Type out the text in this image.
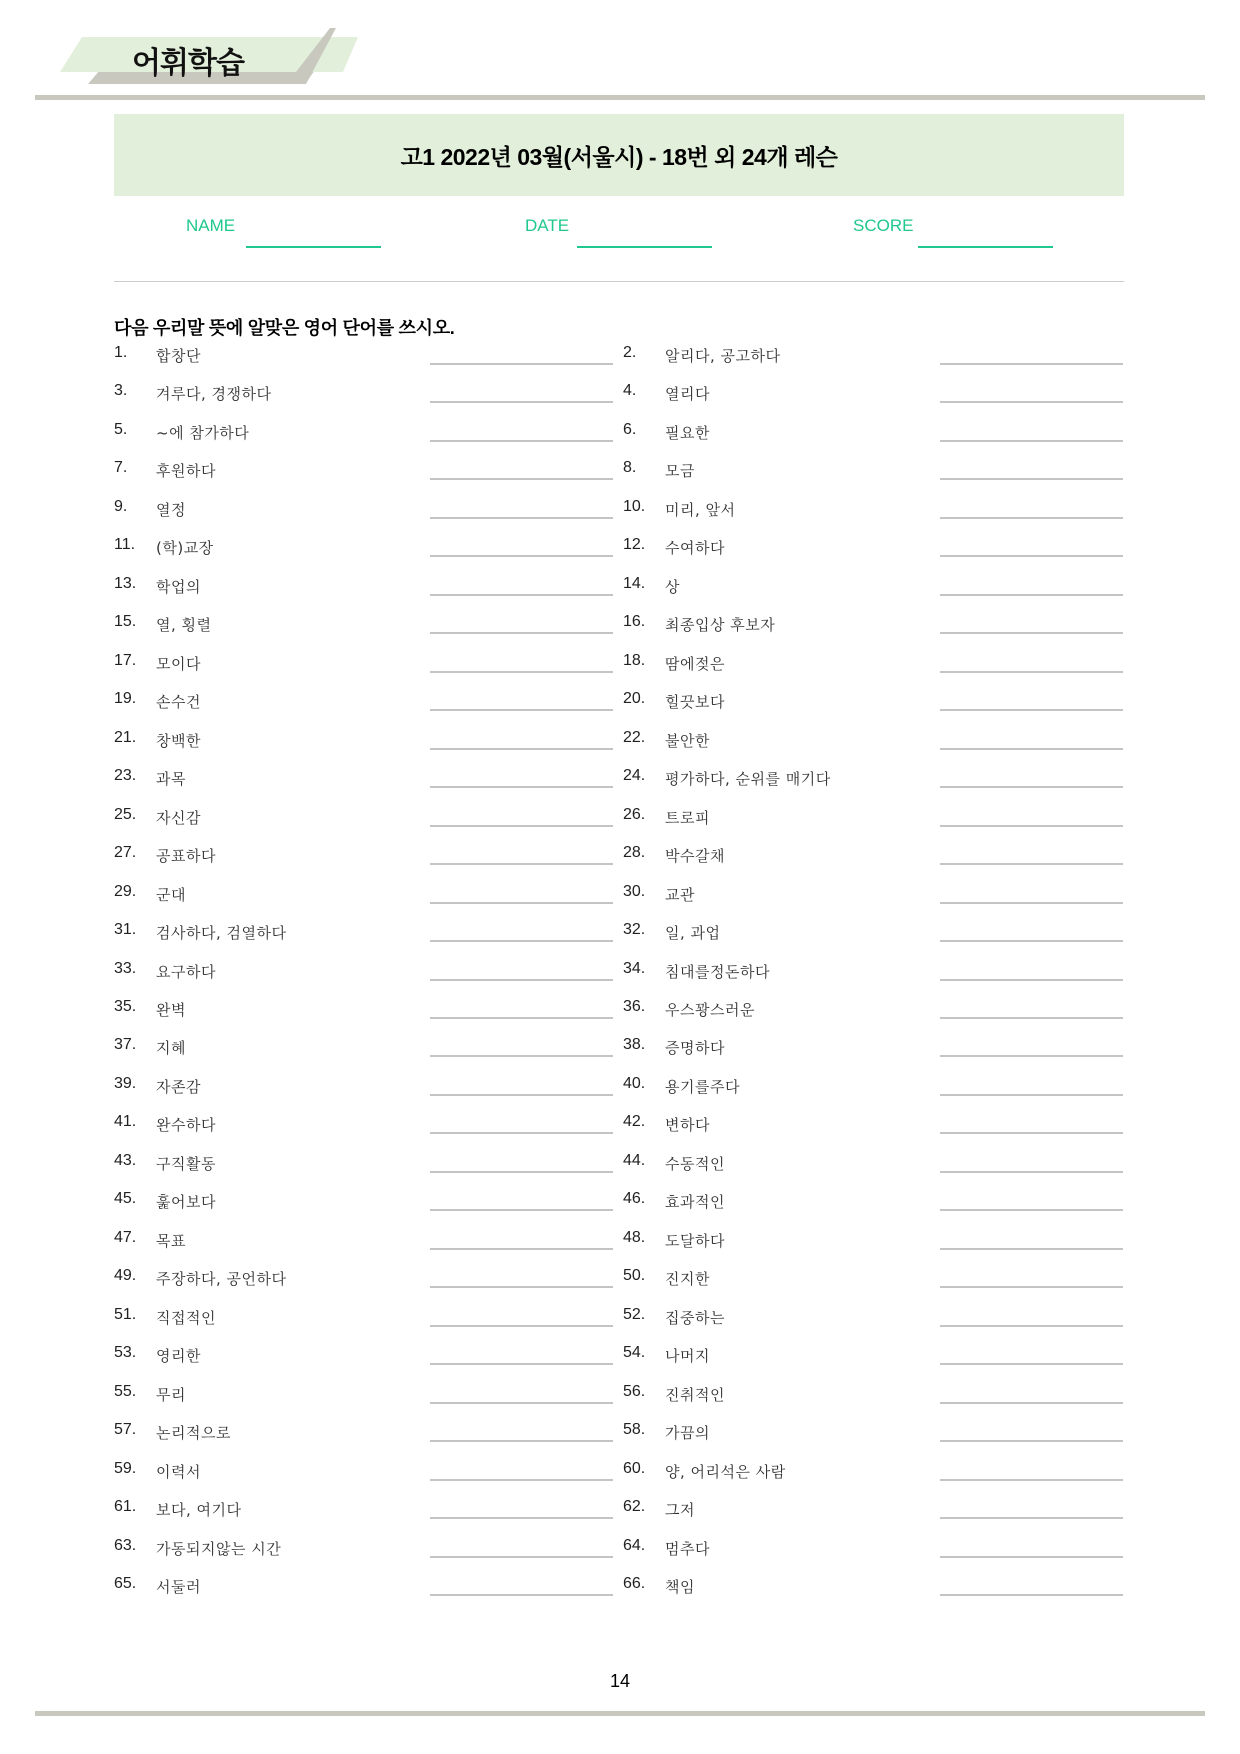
어휘학습
고1 2022년 03월(서울시) - 18번 외 24개 레슨
NAME	DATE	SCORE
다음 우리말 뜻에 알맞은 영어 단어를 쓰시오.
1. 합창단	2. 알리다, 공고하다
3. 겨루다, 경쟁하다	4. 열리다
5. ~에 참가하다	6. 필요한
7. 후원하다	8. 모금
9. 열정	10. 미리, 앞서
11. (학)교장	12. 수여하다
13. 학업의	14. 상
15. 열, 횡렬	16. 최종입상 후보자
17. 모이다	18. 땀에젖은
19. 손수건	20. 힐끗보다
21. 창백한	22. 불안한
23. 과목	24. 평가하다, 순위를 매기다
25. 자신감	26. 트로피
27. 공표하다	28. 박수갈채
29. 군대	30. 교관
31. 검사하다, 검열하다	32. 일, 과업
33. 요구하다	34. 침대를정돈하다
35. 완벽	36. 우스꽝스러운
37. 지혜	38. 증명하다
39. 자존감	40. 용기를주다
41. 완수하다	42. 변하다
43. 구직활동	44. 수동적인
45. 훑어보다	46. 효과적인
47. 목표	48. 도달하다
49. 주장하다, 공언하다	50. 진지한
51. 직접적인	52. 집중하는
53. 영리한	54. 나머지
55. 무리	56. 진취적인
57. 논리적으로	58. 가끔의
59. 이력서	60. 양, 어리석은 사람
61. 보다, 여기다	62. 그저
63. 가동되지않는 시간	64. 멈추다
65. 서둘러	66. 책임
14
